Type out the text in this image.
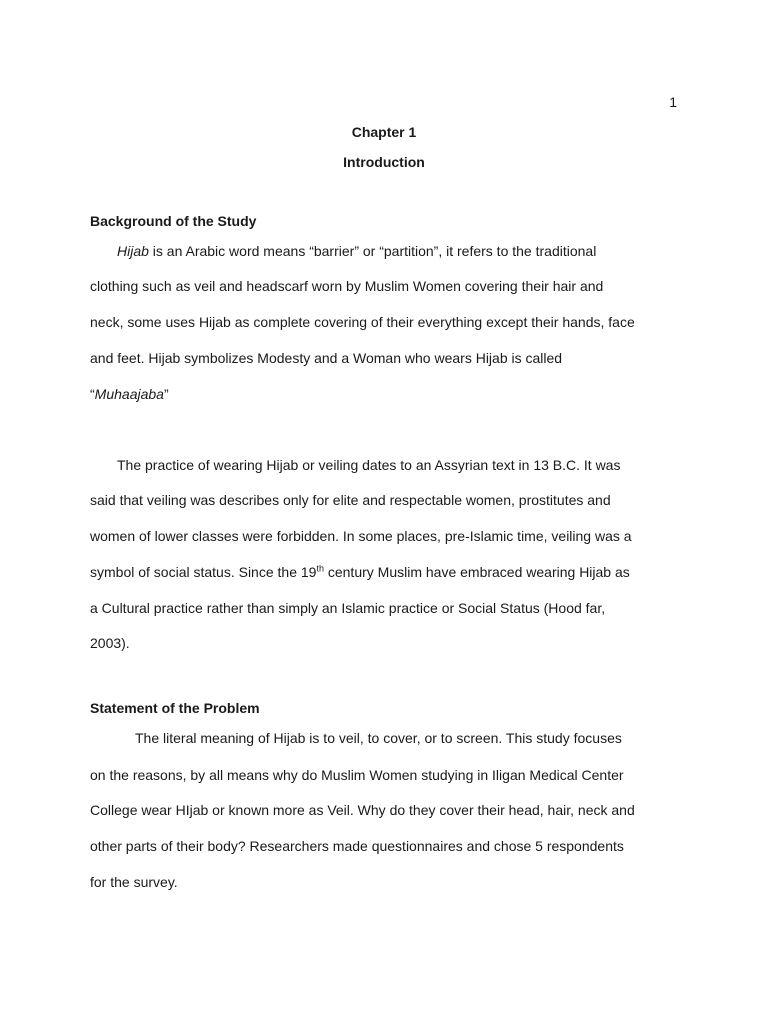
1
Chapter 1
Introduction
Background of the Study
Hijab is an Arabic word means “barrier” or “partition”, it refers to the traditional
clothing such as veil and headscarf worn by Muslim Women covering their hair and
neck, some uses Hijab as complete covering of their everything except their hands, face
and feet. Hijab symbolizes Modesty and a Woman who wears Hijab is called
“Muhaajaba”
The practice of wearing Hijab or veiling dates to an Assyrian text in 13 B.C. It was
said that veiling was describes only for elite and respectable women, prostitutes and
women of lower classes were forbidden. In some places, pre-Islamic time, veiling was a
symbol of social status. Since the 19th century Muslim have embraced wearing Hijab as
a Cultural practice rather than simply an Islamic practice or Social Status (Hood far,
2003).
Statement of the Problem
The literal meaning of Hijab is to veil, to cover, or to screen. This study focuses
on the reasons, by all means why do Muslim Women studying in Iligan Medical Center
College wear HIjab or known more as Veil. Why do they cover their head, hair, neck and
other parts of their body? Researchers made questionnaires and chose 5 respondents
for the survey.
